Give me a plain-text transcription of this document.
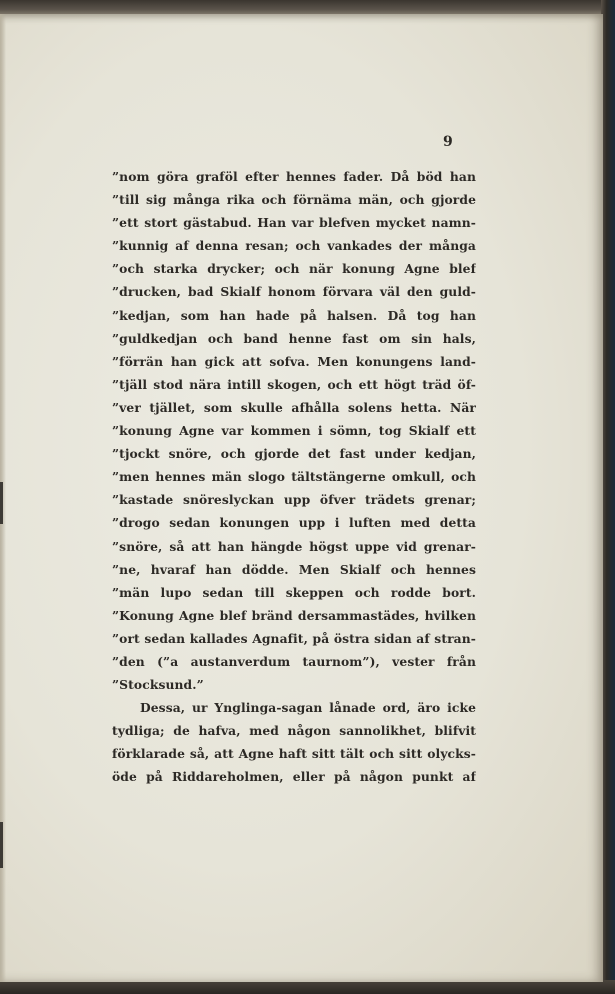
9
”nom göra graföl efter hennes fader. Då böd han
”till sig många rika och förnäma män, och gjorde
”ett stort gästabud. Han var blefven mycket namn-
”kunnig af denna resan; och vankades der många
”och starka drycker; och när konung Agne blef
”drucken, bad Skialf honom förvara väl den guld-
”kedjan, som han hade på halsen. Då tog han
”guldkedjan och band henne fast om sin hals,
”förrän han gick att sofva. Men konungens land-
”tjäll stod nära intill skogen, och ett högt träd öf-
”ver tjället, som skulle afhålla solens hetta. När
”konung Agne var kommen i sömn, tog Skialf ett
”tjockt snöre, och gjorde det fast under kedjan,
”men hennes män slogo tältstängerne omkull, och
”kastade snöreslyckan upp öfver trädets grenar;
”drogo sedan konungen upp i luften med detta
”snöre, så att han hängde högst uppe vid grenar-
”ne, hvaraf han dödde. Men Skialf och hennes
”män lupo sedan till skeppen och rodde bort.
”Konung Agne blef bränd dersammastädes, hvilken
”ort sedan kallades Agnafit, på östra sidan af stran-
”den (”a austanverdum taurnom”), vester från
”Stocksund.”
Dessa, ur Ynglinga-sagan lånade ord, äro icke
tydliga; de hafva, med någon sannolikhet, blifvit
förklarade så, att Agne haft sitt tält och sitt olycks-
öde på Riddareholmen, eller på någon punkt af
